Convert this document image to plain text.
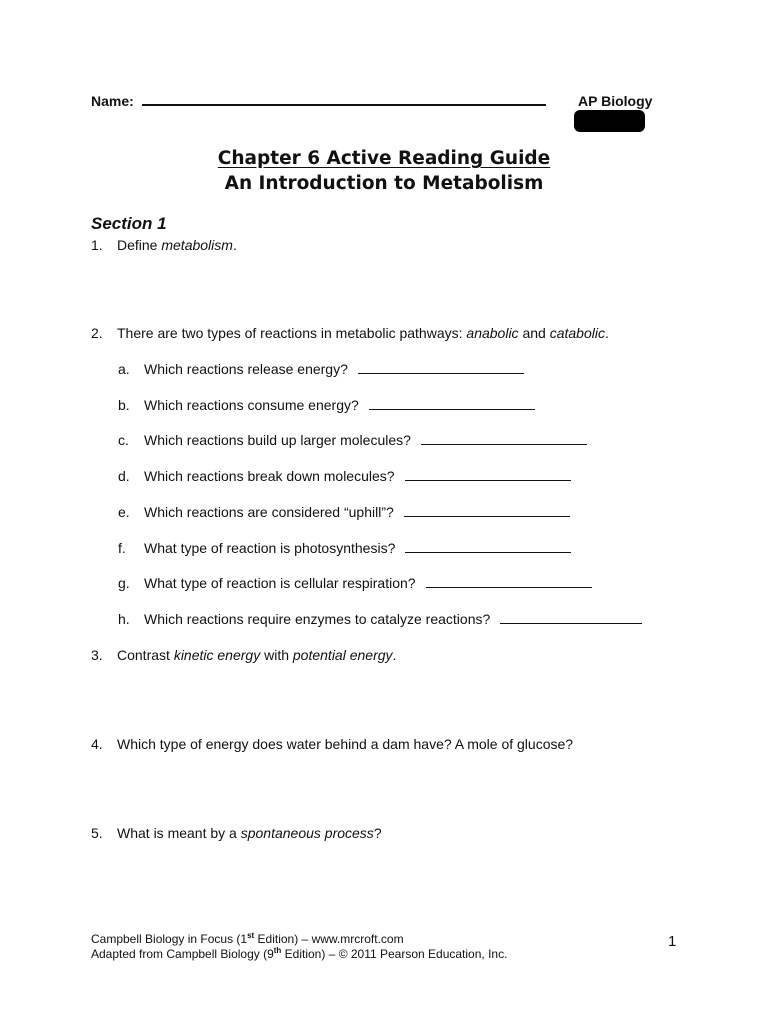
Name:	AP Biology
Chapter 6 Active Reading Guide
An Introduction to Metabolism
Section 1
1. Define metabolism.
2. There are two types of reactions in metabolic pathways: anabolic and catabolic.
a. Which reactions release energy?
b. Which reactions consume energy?
c. Which reactions build up larger molecules?
d. Which reactions break down molecules?
e. Which reactions are considered “uphill”?
f. What type of reaction is photosynthesis?
g. What type of reaction is cellular respiration?
h. Which reactions require enzymes to catalyze reactions?
3. Contrast kinetic energy with potential energy.
4. Which type of energy does water behind a dam have? A mole of glucose?
5. What is meant by a spontaneous process?
Campbell Biology in Focus (1st Edition) – www.mrcroft.com
Adapted from Campbell Biology (9th Edition) – © 2011 Pearson Education, Inc.
1
